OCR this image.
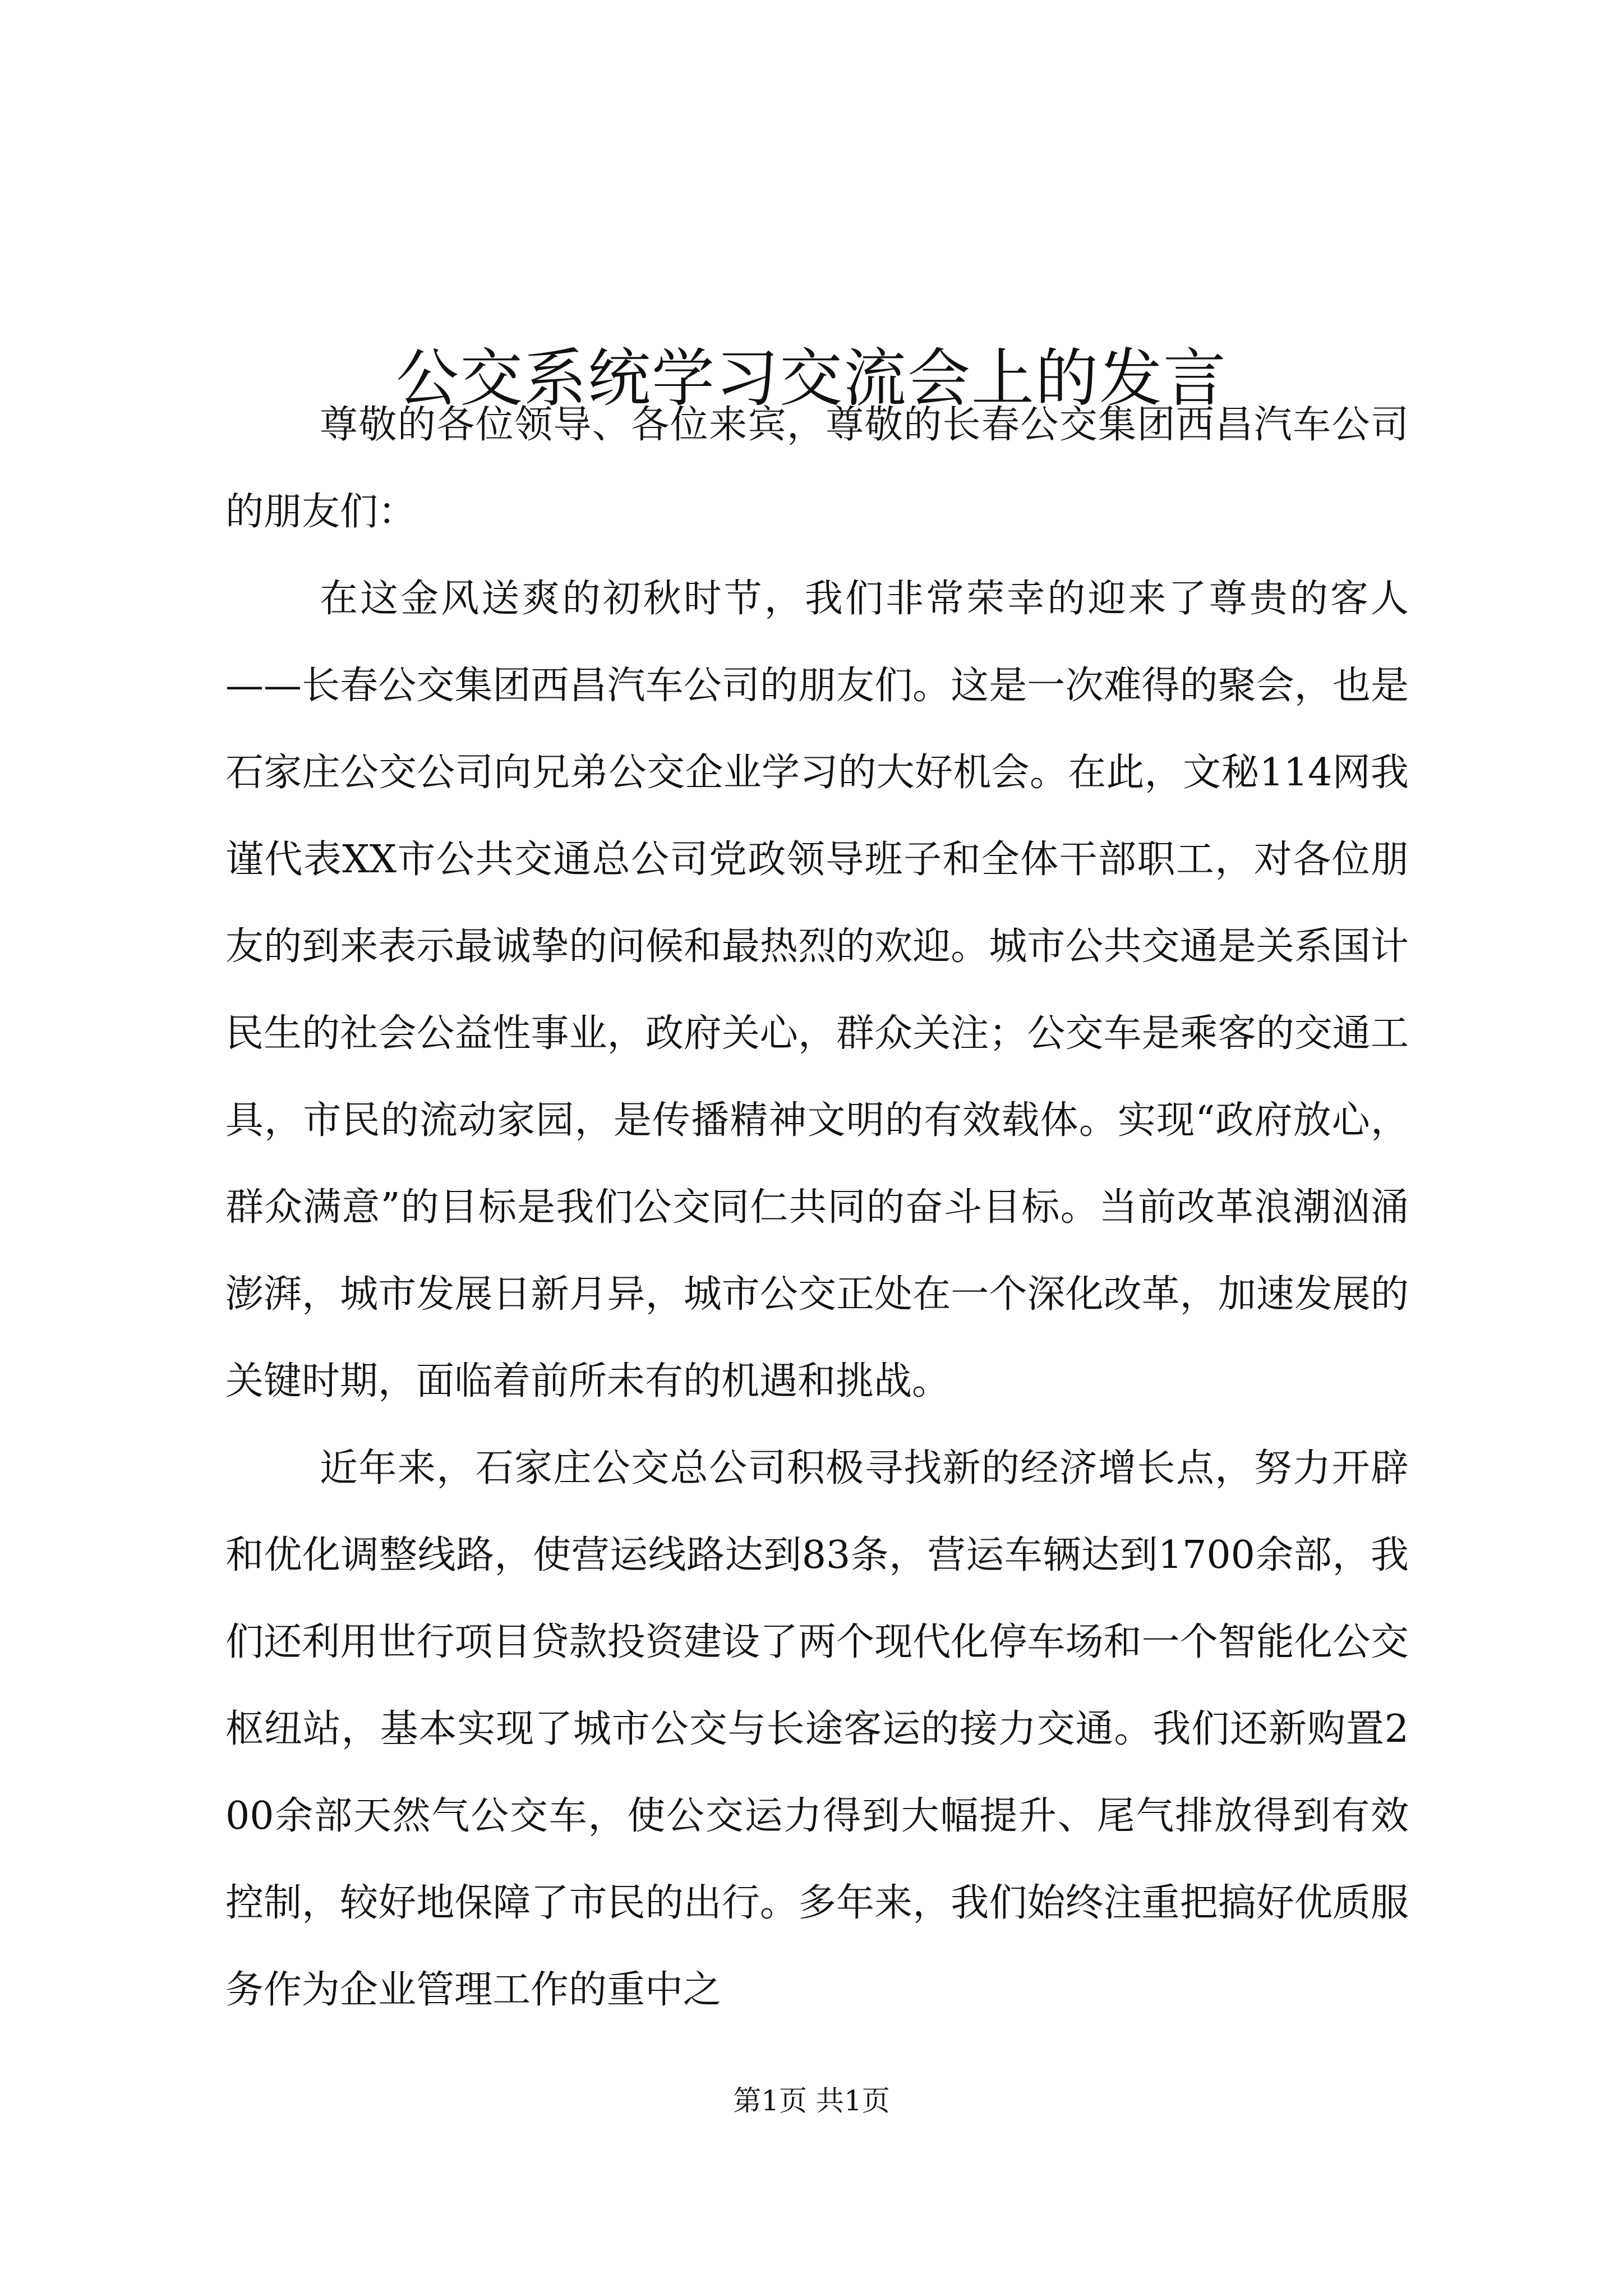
公交系统学习交流会上的发言

尊敬的各位领导、各位来宾，尊敬的长春公交集团西昌汽车公司的朋友们：

在这金风送爽的初秋时节，我们非常荣幸的迎来了尊贵的客人——长春公交集团西昌汽车公司的朋友们。这是一次难得的聚会，也是石家庄公交公司向兄弟公交企业学习的大好机会。在此，文秘114网我谨代表XX市公共交通总公司党政领导班子和全体干部职工，对各位朋友的到来表示最诚挚的问候和最热烈的欢迎。城市公共交通是关系国计民生的社会公益性事业，政府关心，群众关注；公交车是乘客的交通工具，市民的流动家园，是传播精神文明的有效载体。实现“政府放心，群众满意”的目标是我们公交同仁共同的奋斗目标。当前改革浪潮汹涌澎湃，城市发展日新月异，城市公交正处在一个深化改革，加速发展的关键时期，面临着前所未有的机遇和挑战。

近年来，石家庄公交总公司积极寻找新的经济增长点，努力开辟和优化调整线路，使营运线路达到83条，营运车辆达到1700余部，我们还利用世行项目贷款投资建设了两个现代化停车场和一个智能化公交枢纽站，基本实现了城市公交与长途客运的接力交通。我们还新购置200余部天然气公交车，使公交运力得到大幅提升、尾气排放得到有效控制，较好地保障了市民的出行。多年来，我们始终注重把搞好优质服务作为企业管理工作的重中之

第1页 共1页
